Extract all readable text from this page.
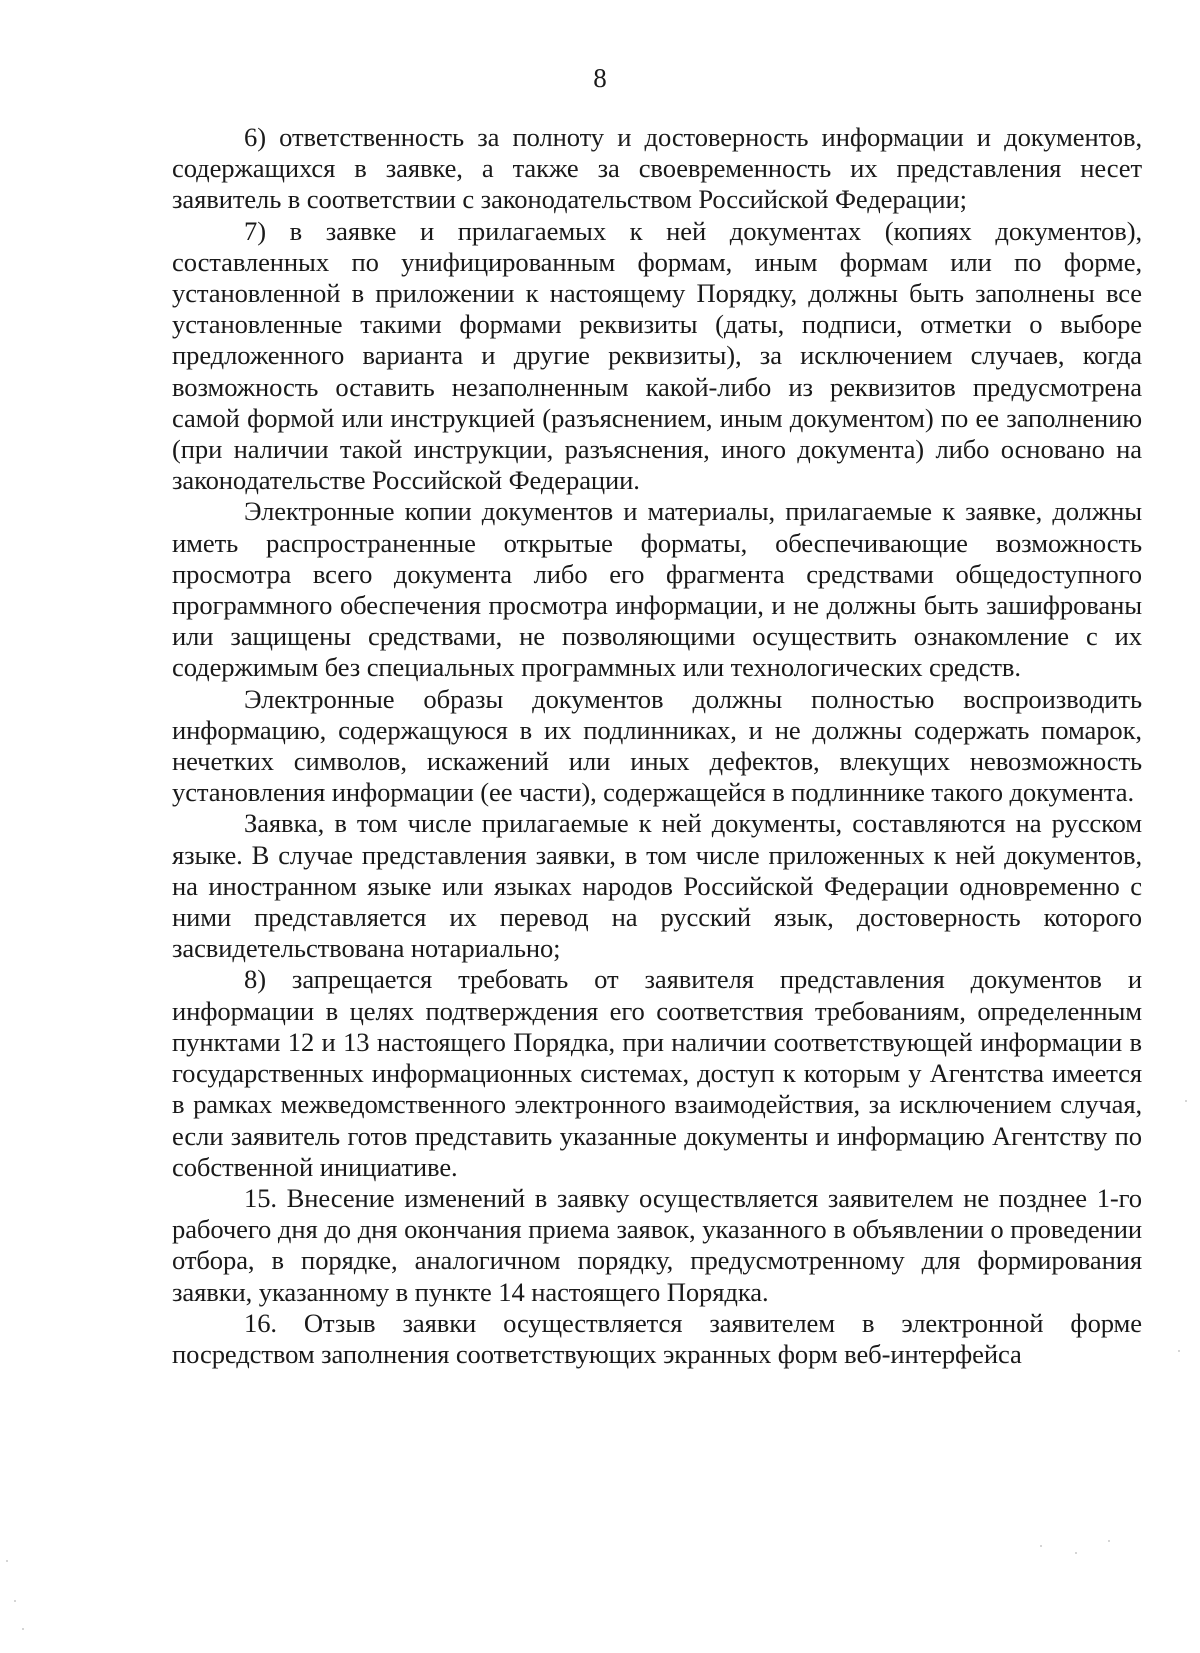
8

6) ответственность за полноту и достоверность информации и документов, содержащихся в заявке, а также за своевременность их представления несет заявитель в соответствии с законодательством Российской Федерации;

7) в заявке и прилагаемых к ней документах (копиях документов), составленных по унифицированным формам, иным формам или по форме, установленной в приложении к настоящему Порядку, должны быть заполнены все установленные такими формами реквизиты (даты, подписи, отметки о выборе предложенного варианта и другие реквизиты), за исключением случаев, когда возможность оставить незаполненным какой-либо из реквизитов предусмотрена самой формой или инструкцией (разъяснением, иным документом) по ее заполнению (при наличии такой инструкции, разъяснения, иного документа) либо основано на законодательстве Российской Федерации.

Электронные копии документов и материалы, прилагаемые к заявке, должны иметь распространенные открытые форматы, обеспечивающие возможность просмотра всего документа либо его фрагмента средствами общедоступного программного обеспечения просмотра информации, и не должны быть зашифрованы или защищены средствами, не позволяющими осуществить ознакомление с их содержимым без специальных программных или технологических средств.

Электронные образы документов должны полностью воспроизводить информацию, содержащуюся в их подлинниках, и не должны содержать помарок, нечетких символов, искажений или иных дефектов, влекущих невозможность установления информации (ее части), содержащейся в подлиннике такого документа.

Заявка, в том числе прилагаемые к ней документы, составляются на русском языке. В случае представления заявки, в том числе приложенных к ней документов, на иностранном языке или языках народов Российской Федерации одновременно с ними представляется их перевод на русский язык, достоверность которого засвидетельствована нотариально;

8) запрещается требовать от заявителя представления документов и информации в целях подтверждения его соответствия требованиям, определенным пунктами 12 и 13 настоящего Порядка, при наличии соответствующей информации в государственных информационных системах, доступ к которым у Агентства имеется в рамках межведомственного электронного взаимодействия, за исключением случая, если заявитель готов представить указанные документы и информацию Агентству по собственной инициативе.

15. Внесение изменений в заявку осуществляется заявителем не позднее 1-го рабочего дня до дня окончания приема заявок, указанного в объявлении о проведении отбора, в порядке, аналогичном порядку, предусмотренному для формирования заявки, указанному в пункте 14 настоящего Порядка.

16. Отзыв заявки осуществляется заявителем в электронной форме посредством заполнения соответствующих экранных форм веб-интерфейса
